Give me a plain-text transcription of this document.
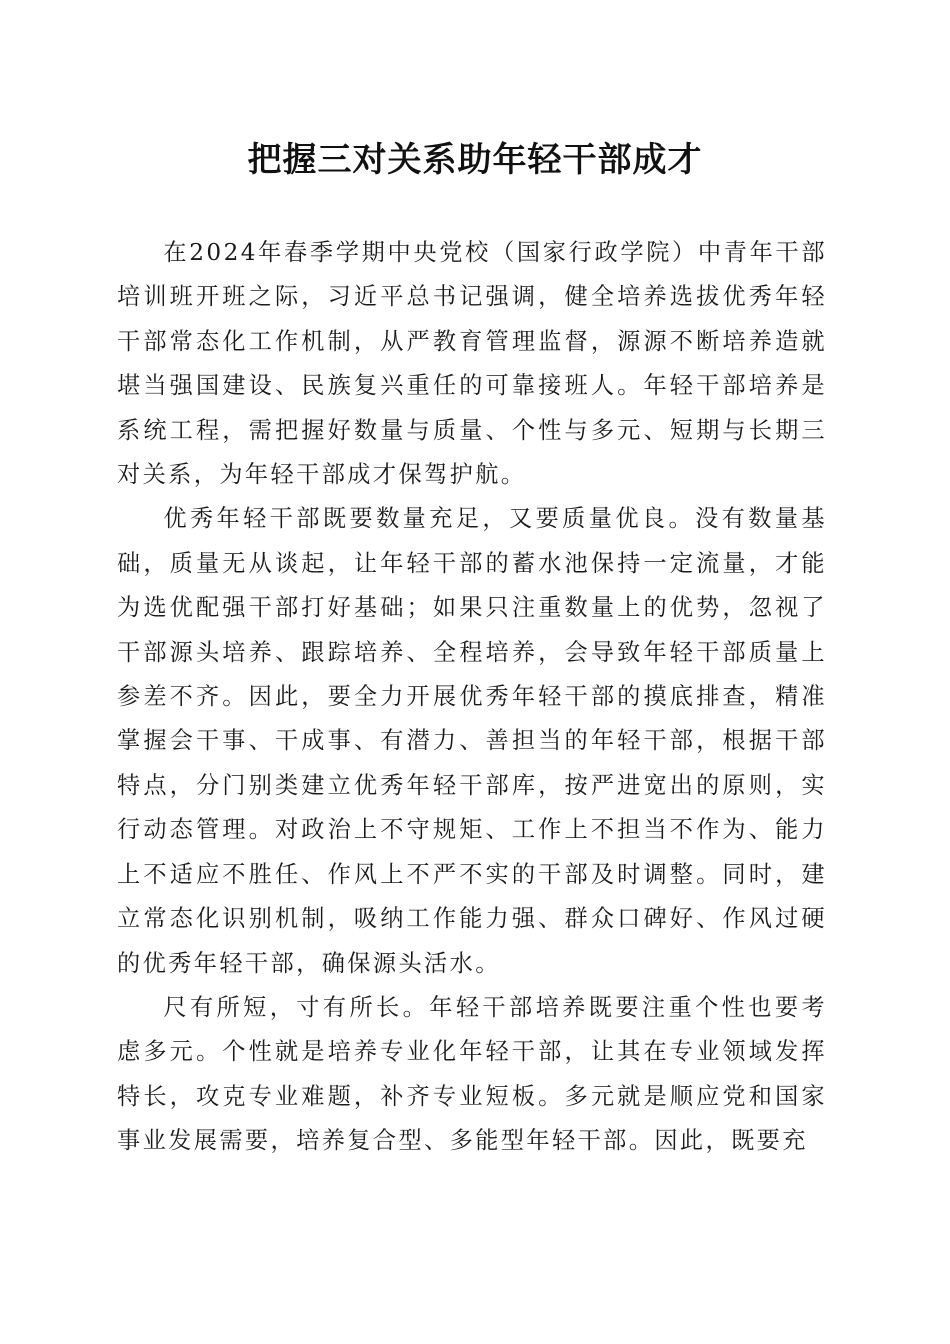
把握三对关系助年轻干部成才

在2024年春季学期中央党校（国家行政学院）中青年干部培训班开班之际，习近平总书记强调，健全培养选拔优秀年轻干部常态化工作机制，从严教育管理监督，源源不断培养造就堪当强国建设、民族复兴重任的可靠接班人。年轻干部培养是系统工程，需把握好数量与质量、个性与多元、短期与长期三对关系，为年轻干部成才保驾护航。

优秀年轻干部既要数量充足，又要质量优良。没有数量基础，质量无从谈起，让年轻干部的蓄水池保持一定流量，才能为选优配强干部打好基础；如果只注重数量上的优势，忽视了干部源头培养、跟踪培养、全程培养，会导致年轻干部质量上参差不齐。因此，要全力开展优秀年轻干部的摸底排查，精准掌握会干事、干成事、有潜力、善担当的年轻干部，根据干部特点，分门别类建立优秀年轻干部库，按严进宽出的原则，实行动态管理。对政治上不守规矩、工作上不担当不作为、能力上不适应不胜任、作风上不严不实的干部及时调整。同时，建立常态化识别机制，吸纳工作能力强、群众口碑好、作风过硬的优秀年轻干部，确保源头活水。

尺有所短，寸有所长。年轻干部培养既要注重个性也要考虑多元。个性就是培养专业化年轻干部，让其在专业领域发挥特长，攻克专业难题，补齐专业短板。多元就是顺应党和国家事业发展需要，培养复合型、多能型年轻干部。因此，既要充
